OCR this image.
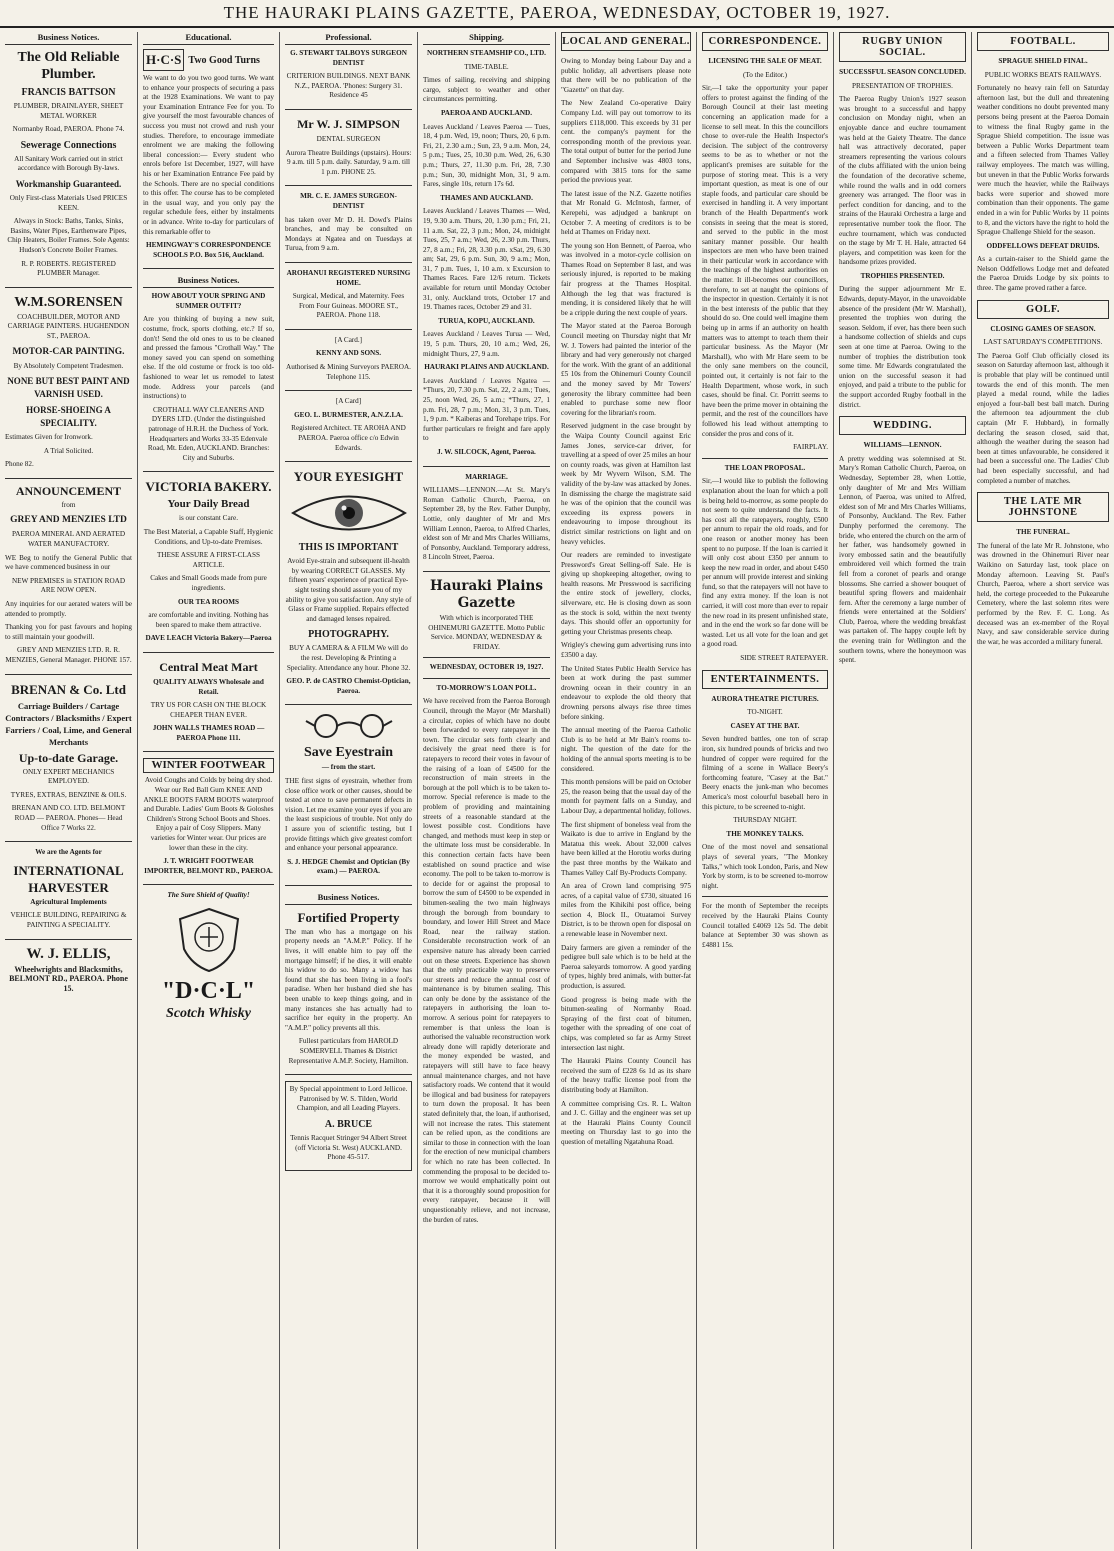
THE HAURAKI PLAINS GAZETTE, PAEROA, WEDNESDAY, OCTOBER 19, 1927.
Business Notices.
The Old Reliable Plumber.
FRANCIS BATTSON
PLUMBER, DRAINLAYER, SHEET METAL WORKER
Normanby Road, PAEROA. Phone 74.
Sewerage Connections
All Sanitary Work carried out in strict accordance with Borough By-laws.
Workmanship Guaranteed.
Only First-class Materials Used PRICES KEEN.
Always in Stock: Baths, Tanks, Sinks, Basins, Water Pipes, Earthenware Pipes, Chip Heaters, Boiler Frames. Sole Agents: Hudson's Concrete Boiler Frames.
R. P. ROBERTS. REGISTERED PLUMBER Manager.
W.M.SORENSEN
COACHBUILDER, MOTOR AND CARRIAGE PAINTERS. HUGHENDON ST., PAEROA.
MOTOR-CAR PAINTING.
By Absolutely Competent Tradesmen.
NONE BUT BEST PAINT AND VARNISH USED.
HORSE-SHOEING A SPECIALITY.
Estimates Given for Ironwork.
A Trial Solicited.
Phone 82.
ANNOUNCEMENT
from
GREY AND MENZIES LTD
PAEROA MINERAL AND AERATED WATER MANUFACTORY.
WE Beg to notify the General Public that we have commenced business in our
NEW PREMISES in STATION ROAD ARE NOW OPEN.
Any inquiries for our aerated waters will be attended to promptly.
Thanking you for past favours and hoping to still maintain your goodwill.
GREY AND MENZIES LTD. R. R. MENZIES, General Manager. PHONE 157.
BRENAN & Co. Ltd
Carriage Builders / Cartage Contractors / Blacksmiths / Expert Farriers / Coal, Lime, and General Merchants
Up-to-date Garage.
ONLY EXPERT MECHANICS EMPLOYED.
TYRES, EXTRAS, BENZINE & OILS.
BRENAN AND CO. LTD. BELMONT ROAD — PAEROA. Phones— Head Office 7 Works 22.
We are the Agents for
INTERNATIONAL HARVESTER
Agricultural Implements
VEHICLE BUILDING, REPAIRING & PAINTING A SPECIALITY.
W. J. ELLIS,
Wheelwrights and Blacksmiths, BELMONT RD., PAEROA. Phone 15.
Educational.
H·C·S Two Good Turns
We want to do you two good turns. We want to enhance your prospects of securing a pass at the 1928 Examinations. We want to pay your Examination Entrance Fee for you. To give yourself the most favourable chances of success you must not crowd and rush your studies. Therefore, to encourage immediate enrolment we are making the following liberal concession:— Every student who enrols before 1st December, 1927, will have his or her Examination Entrance Fee paid by the Schools. There are no special conditions to this offer. The course has to be completed in the usual way, and you only pay the regular schedule fees, either by instalments or in advance. Write to-day for particulars of this remarkable offer to
HEMINGWAY'S CORRESPONDENCE SCHOOLS P.O. Box 516, Auckland.
Business Notices.
HOW ABOUT YOUR SPRING AND SUMMER OUTFIT?
Are you thinking of buying a new suit, costume, frock, sports clothing, etc.? If so, don't! Send the old ones to us to be cleaned and pressed the famous "Crothall Way." The money saved you can spend on something else. If the old costume or frock is too old-fashioned to wear let us remodel to latest mode. Address your parcels (and instructions) to
CROTHALL WAY CLEANERS AND DYERS LTD. (Under the distinguished patronage of H.R.H. the Duchess of York. Headquarters and Works 33-35 Edenvale Road, Mt. Eden, AUCKLAND. Branches: City and Suburbs.
VICTORIA BAKERY.
Your Daily Bread
is our constant Care.
The Best Material, a Capable Staff, Hygienic Conditions, and Up-to-date Premises.
THESE ASSURE A FIRST-CLASS ARTICLE.
Cakes and Small Goods made from pure ingredients.
OUR TEA ROOMS
are comfortable and inviting. Nothing has been spared to make them attractive.
DAVE LEACH Victoria Bakery—Paeroa
Central Meat Mart
QUALITY ALWAYS Wholesale and Retail.
TRY US FOR CASH ON THE BLOCK CHEAPER THAN EVER.
JOHN WALLS THAMES ROAD — PAEROA Phone 111.
WINTER FOOTWEAR
Avoid Coughs and Colds by being dry shod. Wear our Red Ball Gum KNEE AND ANKLE BOOTS FARM BOOTS waterproof and Durable. Ladies' Gum Boots & Goloshes Children's Strong School Boots and Shoes. Enjoy a pair of Cosy Slippers. Many varieties for Winter wear. Our prices are lower than these in the city.
J. T. WRIGHT FOOTWEAR IMPORTER, BELMONT RD., PAEROA.
The Sure Shield of Quality!
"D·C·L"
Scotch Whisky
Professional.
G. STEWART TALBOYS SURGEON DENTIST
CRITERION BUILDINGS. NEXT BANK N.Z., PAEROA. 'Phones: Surgery 31. Residence 45
Mr W. J. SIMPSON
DENTAL SURGEON
Aurora Theatre Buildings (upstairs). Hours: 9 a.m. till 5 p.m. daily. Saturday, 9 a.m. till 1 p.m. PHONE 25.
MR. C. E. JAMES SURGEON-DENTIST
has taken over Mr D. H. Dowd's Plains branches, and may be consulted on Mondays at Ngatea and on Tuesdays at Turua, from 9 a.m.
AROHANUI REGISTERED NURSING HOME.
Surgical, Medical, and Maternity. Fees From Four Guineas. MOORE ST., PAEROA. Phone 118.
[A Card.]
KENNY AND SONS.
Authorised & Mining Surveyors PAEROA. Telephone 115.
[A Card]
GEO. L. BURMESTER, A.N.Z.I.A.
Registered Architect. TE AROHA AND PAEROA. Paeroa office c/o Edwin Edwards.
YOUR EYESIGHT
THIS IS IMPORTANT
Avoid Eye-strain and subsequent ill-health by wearing CORRECT GLASSES. My fifteen years' experience of practical Eye-sight testing should assure you of my ability to give you satisfaction. Any style of Glass or Frame supplied. Repairs effected and damaged lenses repaired.
PHOTOGRAPHY.
BUY A CAMERA & A FILM We will do the rest. Developing & Printing a Speciality. Attendance any hour. Phone 32.
GEO. P. de CASTRO Chemist-Optician, Paeroa.
Save Eyestrain
— from the start.
THE first signs of eyestrain, whether from close office work or other causes, should be tested at once to save permanent defects in vision. Let me examine your eyes if you are the least suspicious of trouble. Not only do I assure you of scientific testing, but I provide fittings which give greatest comfort and enhance your personal appearance.
S. J. HEDGE Chemist and Optician (By exam.) — PAEROA.
Business Notices.
Fortified Property
The man who has a mortgage on his property needs an "A.M.P." Policy. If he lives, it will enable him to pay off the mortgage himself; if he dies, it will enable his widow to do so. Many a widow has found that she has been living in a fool's paradise. When her husband died she has been unable to keep things going, and in many instances she has actually had to sacrifice her equity in the property. An "A.M.P." policy prevents all this.
Fullest particulars from HAROLD SOMERVELL Thames & District Representative A.M.P. Society, Hamilton.
By Special appointment to Lord Jellicoe. Patronised by W. S. Tilden, World Champion, and all Leading Players.
A. BRUCE
Tennis Racquet Stringer 94 Albert Street (off Victoria St. West) AUCKLAND. Phone 45-517.
Shipping.
NORTHERN STEAMSHIP CO., LTD.
TIME-TABLE.
Times of sailing, receiving and shipping cargo, subject to weather and other circumstances permitting.
PAEROA AND AUCKLAND.
Leaves Auckland / Leaves Paeroa — Tues, 18, 4 p.m. Wed, 19, noon; Thurs, 20, 6 p.m. Fri, 21, 2.30 a.m.; Sun, 23, 9 a.m. Mon, 24, 5 p.m.; Tues, 25, 10.30 p.m. Wed, 26, 6.30 p.m.; Thurs, 27, 11.30 p.m. Fri, 28, 7.30 p.m.; Sun, 30, midnight Mon, 31, 9 a.m. Fares, single 10s, return 17s 6d.
THAMES AND AUCKLAND.
Leaves Auckland / Leaves Thames — Wed, 19, 9.30 a.m. Thurs, 20, 1.30 p.m.; Fri, 21, 11 a.m. Sat, 22, 3 p.m.; Mon, 24, midnight Tues, 25, 7 a.m.; Wed, 26, 2.30 p.m. Thurs, 27, 8 a.m.; Fri, 28, 3.30 p.m. xSat, 29, 6.30 am; Sat, 29, 6 p.m. Sun, 30, 9 a.m.; Mon, 31, 7 p.m. Tues, 1, 10 a.m. x Excursion to Thames Races. Fare 12/6 return. Tickets available for return until Monday October 31, only. Auckland trots, October 17 and 19. Thames races, October 29 and 31.
TURUA, KOPU, AUCKLAND.
Leaves Auckland / Leaves Turua — Wed, 19, 5 p.m. Thurs, 20, 10 a.m.; Wed, 26, midnight Thurs, 27, 9 a.m.
HAURAKI PLAINS AND AUCKLAND.
Leaves Auckland / Leaves Ngatea — *Thurs, 20, 7.30 p.m. Sat, 22, 2 a.m.; Tues, 25, noon Wed, 26, 5 a.m.; *Thurs, 27, 1 p.m. Fri, 28, 7 p.m.; Mon, 31, 3 p.m. Tues, 1, 9 p.m. * Kaiberas and Torehape trips. For further particulars re freight and fare apply to
J. W. SILCOCK, Agent, Paeroa.
MARRIAGE.
WILLIAMS—LENNON.—At St. Mary's Roman Catholic Church, Paeroa, on September 28, by the Rev. Father Dunphy, Lottie, only daughter of Mr and Mrs William Lennon, Paeroa, to Alfred Charles, eldest son of Mr and Mrs Charles Williams, of Ponsonby, Auckland. Temporary address, 8 Lincoln Street, Paeroa.
Hauraki Plains Gazette
With which is incorporated THE OHINEMURI GAZETTE. Motto Public Service. MONDAY, WEDNESDAY & FRIDAY.
WEDNESDAY, OCTOBER 19, 1927.
TO-MORROW'S LOAN POLL.
We have received from the Paeroa Borough Council, through the Mayor (Mr Marshall) a circular, copies of which have no doubt been forwarded to every ratepayer in the town. The circular sets forth clearly and decisively the great need there is for ratepayers to record their votes in favour of the raising of a loan of £4500 for the reconstruction of main streets in the borough at the poll which is to be taken to-morrow. Special reference is made to the problem of providing and maintaining streets of a reasonable standard at the lowest possible cost. Conditions have changed, and methods must keep in step or the ultimate loss must be considerable. In this connection certain facts have been established on sound practice and wise economy. The poll to be taken to-morrow is to decide for or against the proposal to borrow the sum of £4500 to be expended in bitumen-sealing the two main highways through the borough from boundary to boundary, and lower Hill Street and Mace Road, near the railway station. Considerable reconstruction work of an expensive nature has already been carried out on these streets. Experience has shown that the only practicable way to preserve our streets and reduce the annual cost of maintenance is by bitumen sealing. This can only be done by the assistance of the ratepayers in authorising the loan to-morrow. A serious point for ratepayers to remember is that unless the loan is authorised the valuable reconstruction work already done will rapidly deteriorate and the money expended be wasted, and ratepayers will still have to face heavy annual maintenance charges, and not have satisfactory roads. We contend that it would be illogical and bad business for ratepayers to turn down the proposal. It has been stated definitely that, the loan, if authorised, will not increase the rates. This statement can be relied upon, as the conditions are similar to those in connection with the loan for the erection of new municipal chambers for which no rate has been collected. In commending the proposal to be decided to-morrow we would emphatically point out that it is a thoroughly sound proposition for every ratepayer, because it will unquestionably relieve, and not increase, the burden of rates.
LOCAL AND GENERAL.
Owing to Monday being Labour Day and a public holiday, all advertisers please note that there will be no publication of the "Gazette" on that day.
The New Zealand Co-operative Dairy Company Ltd. will pay out tomorrow to its suppliers £118,000. This exceeds by 31 per cent. the company's payment for the corresponding month of the previous year. The total output of butter for the period June and September inclusive was 4803 tons, compared with 3815 tons for the same period the previous year.
The latest issue of the N.Z. Gazette notifies that Mr Ronald G. McIntosh, farmer, of Kerepehi, was adjudged a bankrupt on October 7. A meeting of creditors is to be held at Thames on Friday next.
The young son Hon Bennett, of Paeroa, who was involved in a motor-cycle collision on Thames Road on September 8 last, and was seriously injured, is reported to be making fair progress at the Thames Hospital. Although the leg that was fractured is mending, it is considered likely that he will be a cripple during the next couple of years.
The Mayor stated at the Paeroa Borough Council meeting on Thursday night that Mr W. J. Towers had painted the interior of the library and had very generously not charged for the work. With the grant of an additional £5 10s from the Ohinemuri County Council and the money saved by Mr Towers' generosity the library committee had been enabled to purchase some new floor covering for the librarian's room.
Reserved judgment in the case brought by the Waipa County Council against Eric James Jones, service-car driver, for travelling at a speed of over 25 miles an hour on county roads, was given at Hamilton last week by Mr Wyvern Wilson, S.M. The validity of the by-law was attacked by Jones. In dismissing the charge the magistrate said he was of the opinion that the council was exceeding its express powers in endeavouring to impose throughout its district similar restrictions on light and on heavy vehicles.
Our readers are reminded to investigate Pressword's Great Selling-off Sale. He is giving up shopkeeping altogether, owing to health reasons. Mr Presswood is sacrificing the entire stock of jewellery, clocks, silverware, etc. He is closing down as soon as the stock is sold, within the next twenty days. This should offer an opportunity for getting your Christmas presents cheap.
Wrigley's chewing gum advertising runs into £3500 a day.
The United States Public Health Service has been at work during the past summer drowning ocean in their country in an endeavour to explode the old theory that drowning persons always rise three times before sinking.
The annual meeting of the Paeroa Catholic Club is to be held at Mr Bain's rooms to-night. The question of the date for the holding of the annual sports meeting is to be considered.
This month pensions will be paid on October 25, the reason being that the usual day of the month for payment falls on a Sunday, and Labour Day, a departmental holiday, follows.
The first shipment of boneless veal from the Waikato is due to arrive in England by the Matatua this week. About 32,000 calves have been killed at the Horotiu works during the past three months by the Waikato and Thames Valley Calf By-Products Company.
An area of Crown land comprising 975 acres, of a capital value of £730, situated 16 miles from the Kihikihi post office, being section 4, Block II., Otuatamoi Survey District, is to be thrown open for disposal on a renewable lease in November next.
Dairy farmers are given a reminder of the pedigree bull sale which is to be held at the Paeroa saleyards tomorrow. A good yarding of types, highly bred animals, with butter-fat production, is assured.
Good progress is being made with the bitumen-sealing of Normanby Road. Spraying of the first coat of bitumen, together with the spreading of one coat of chips, was completed so far as Army Street intersection last night.
The Hauraki Plains County Council has received the sum of £228 6s 1d as its share of the heavy traffic license pool from the distributing body at Hamilton.
A committee comprising Crs. R. L. Walton and J. C. Gillay and the engineer was set up at the Hauraki Plains County Council meeting on Thursday last to go into the question of metalling Ngatahuna Road.
CORRESPONDENCE.
LICENSING THE SALE OF MEAT.
(To the Editor.)
Sir,—I take the opportunity your paper offers to protest against the finding of the Borough Council at their last meeting concerning an application made for a license to sell meat. In this the councillors chose to over-rule the Health Inspector's decision. The subject of the controversy seems to be as to whether or not the applicant's premises are suitable for the purpose of storing meat. This is a very important question, as meat is one of our staple foods, and particular care should be exercised in handling it. A very important branch of the Health Department's work consists in seeing that the meat is stored, and served to the public in the most sanitary manner possible. Our health inspectors are men who have been trained in their particular work in accordance with the teachings of the highest authorities on the matter. It ill-becomes our councillors, therefore, to set at naught the opinions of the inspector in question. Certainly it is not in the best interests of the public that they should do so. One could well imagine them being up in arms if an authority on health matters was to attempt to teach them their particular business. As the Mayor (Mr Marshall), who with Mr Hare seem to be the only sane members on the council, pointed out, it certainly is not fair to the Health Department, whose work, in such cases, should be final. Cr. Porritt seems to have been the prime mover in obtaining the permit, and the rest of the councillors have followed his lead without attempting to consider the pros and cons of it.
FAIRPLAY.
THE LOAN PROPOSAL.
Sir,—I would like to publish the following explanation about the loan for which a poll is being held to-morrow, as some people do not seem to quite understand the facts. It has cost all the ratepayers, roughly, £500 per annum to repair the old roads, and for one reason or another money has been spent to no purpose. If the loan is carried it will only cost about £350 per annum to keep the new road in order, and about £450 per annum will provide interest and sinking fund, so that the ratepayers will not have to find any extra money. If the loan is not carried, it will cost more than ever to repair the new road in its present unfinished state, and in the end the work so far done will be wasted. Let us all vote for the loan and get a good road.
SIDE STREET RATEPAYER.
ENTERTAINMENTS.
AURORA THEATRE PICTURES.
TO-NIGHT.
CASEY AT THE BAT.
Seven hundred battles, one ton of scrap iron, six hundred pounds of bricks and two hundred of copper were required for the filming of a scene in Wallace Beery's forthcoming feature, "Casey at the Bat." Beery enacts the junk-man who becomes America's most colourful baseball hero in this picture, to be screened to-night.
THURSDAY NIGHT.
THE MONKEY TALKS.
One of the most novel and sensational plays of several years, "The Monkey Talks," which took London, Paris, and New York by storm, is to be screened to-morrow night.
For the month of September the receipts received by the Hauraki Plains County Council totalled £4069 12s 5d. The debit balance at September 30 was shown as £4881 15s.
RUGBY UNION SOCIAL.
SUCCESSFUL SEASON CONCLUDED.
PRESENTATION OF TROPHIES.
The Paeroa Rugby Union's 1927 season was brought to a successful and happy conclusion on Monday night, when an enjoyable dance and euchre tournament was held at the Gaiety Theatre. The dance hall was attractively decorated, paper streamers representing the various colours of the clubs affiliated with the union being the foundation of the decorative scheme, while round the walls and in odd corners greenery was arranged. The floor was in perfect condition for dancing, and to the strains of the Hauraki Orchestra a large and representative number took the floor. The euchre tournament, which was conducted on the stage by Mr T. H. Hale, attracted 64 players, and competition was keen for the handsome prizes provided.
TROPHIES PRESENTED.
During the supper adjournment Mr E. Edwards, deputy-Mayor, in the unavoidable absence of the president (Mr W. Marshall), presented the trophies won during the season. Seldom, if ever, has there been such a handsome collection of shields and cups seen at one time at Paeroa. Owing to the number of trophies the distribution took some time. Mr Edwards congratulated the union on the successful season it had enjoyed, and paid a tribute to the public for the support accorded Rugby football in the district.
WEDDING.
WILLIAMS—LENNON.
A pretty wedding was solemnised at St. Mary's Roman Catholic Church, Paeroa, on Wednesday, September 28, when Lottie, only daughter of Mr and Mrs William Lennon, of Paeroa, was united to Alfred, eldest son of Mr and Mrs Charles Williams, of Ponsonby, Auckland. The Rev. Father Dunphy performed the ceremony. The bride, who entered the church on the arm of her father, was handsomely gowned in ivory embossed satin and the beautifully embroidered veil which formed the train fell from a coronet of pearls and orange blossoms. She carried a shower bouquet of beautiful spring flowers and maidenhair fern. After the ceremony a large number of friends were entertained at the Soldiers' Club, Paeroa, where the wedding breakfast was partaken of. The happy couple left by the evening train for Wellington and the southern towns, where the honeymoon was spent.
FOOTBALL.
SPRAGUE SHIELD FINAL.
PUBLIC WORKS BEATS RAILWAYS.
Fortunately no heavy rain fell on Saturday afternoon last, but the dull and threatening weather conditions no doubt prevented many persons being present at the Paeroa Domain to witness the final Rugby game in the Sprague Shield competition. The issue was between a Public Works Department team and a fifteen selected from Thames Valley railway employees. The match was willing, but uneven in that the Public Works forwards were much the heavier, while the Railways backs were superior and showed more combination than their opponents. The game ended in a win for Public Works by 11 points to 8, and the victors have the right to hold the Sprague Challenge Shield for the season.
ODDFELLOWS DEFEAT DRUIDS.
As a curtain-raiser to the Shield game the Nelson Oddfellows Lodge met and defeated the Paeroa Druids Lodge by six points to three. The game proved rather a farce.
GOLF.
CLOSING GAMES OF SEASON.
LAST SATURDAY'S COMPETITIONS.
The Paeroa Golf Club officially closed its season on Saturday afternoon last, although it is probable that play will be continued until towards the end of this month. The men played a medal round, while the ladies enjoyed a four-ball best ball match. During the afternoon tea adjournment the club captain (Mr F. Hubbard), in formally declaring the season closed, said that, although the weather during the season had been at times unfavourable, he considered it had been a successful one. The Ladies' Club had been especially successful, and had completed a number of matches.
THE LATE MR JOHNSTONE
THE FUNERAL.
The funeral of the late Mr R. Johnstone, who was drowned in the Ohinemuri River near Waikino on Saturday last, took place on Monday afternoon. Leaving St. Paul's Church, Paeroa, where a short service was held, the cortege proceeded to the Pukearuhe Cemetery, where the last solemn rites were performed by the Rev. F. C. Long. As deceased was an ex-member of the Royal Navy, and saw considerable service during the war, he was accorded a military funeral.
